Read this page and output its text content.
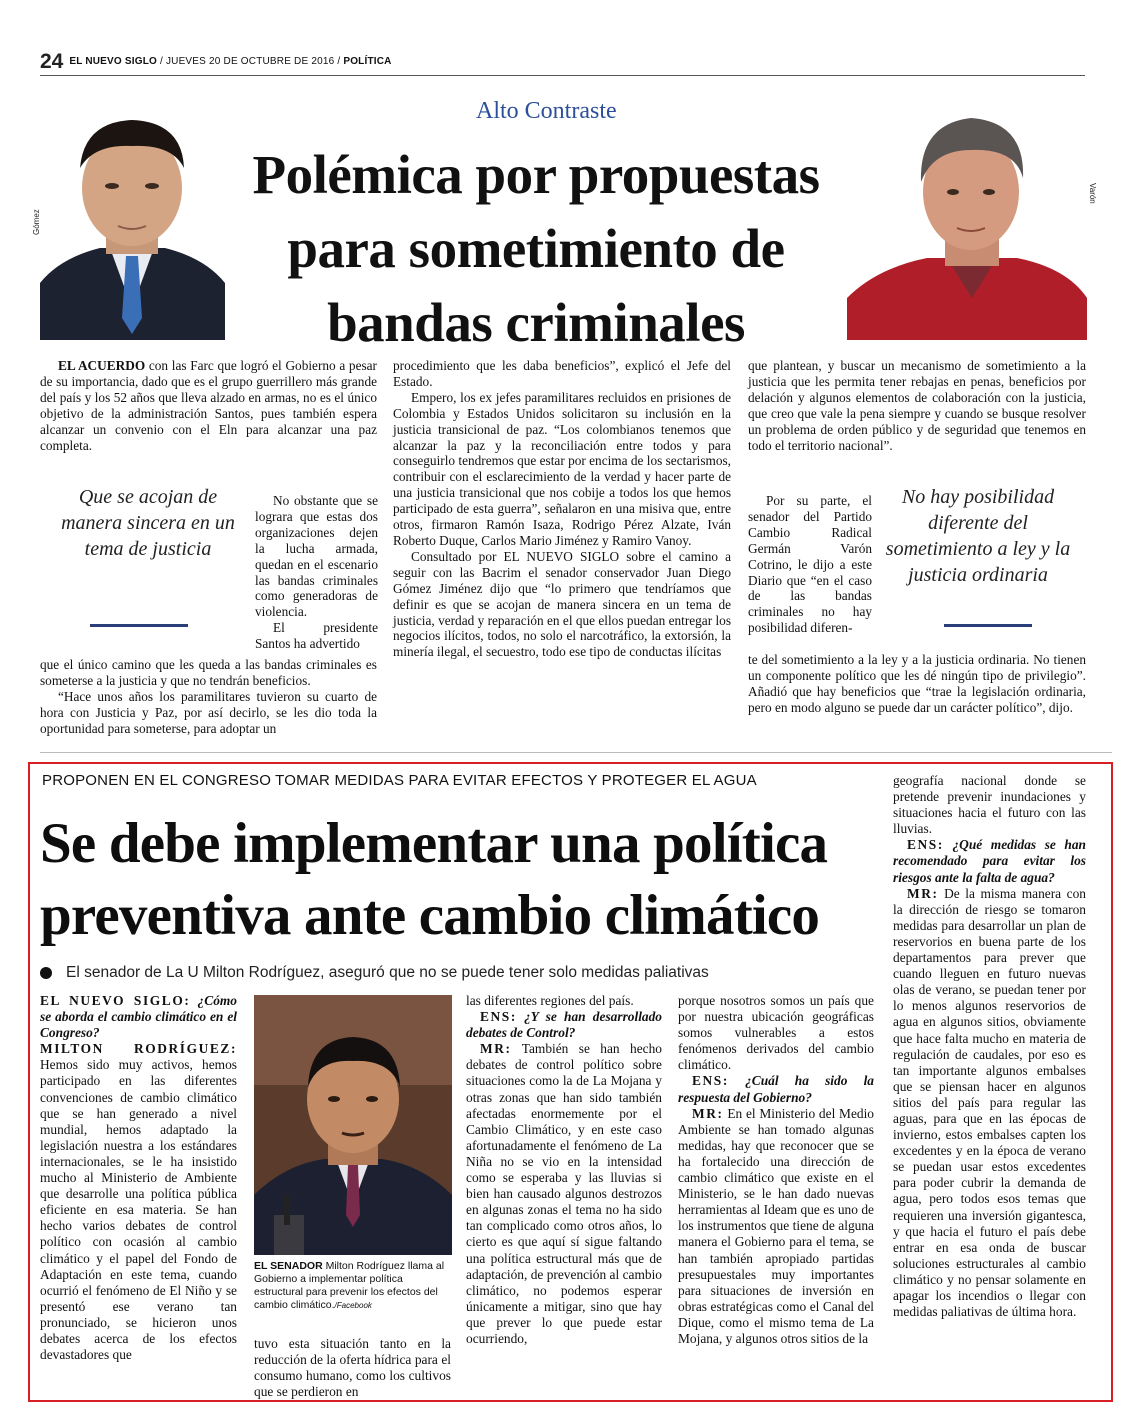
24 EL NUEVO SIGLO / JUEVES 20 DE OCTUBRE DE 2016 / POLÍTICA
Gómez
Varón
Alto Contraste
Polémica por propuestas para sometimiento de bandas criminales

EL ACUERDO con las Farc que logró el Gobierno a pesar de su importancia, dado que es el grupo guerrillero más grande del país y los 52 años que lleva alzado en armas, no es el único objetivo de la administración Santos, pues también espera alcanzar un convenio con el Eln para alcanzar una paz completa.

No obstante que se lograra que estas dos organizaciones dejen la lucha armada, quedan en el escenario las bandas criminales como generadoras de violencia.

El presidente Santos ha advertido

que el único camino que les queda a las bandas criminales es someterse a la justicia y que no tendrán beneficios.

“Hace unos años los paramilitares tuvieron su cuarto de hora con Justicia y Paz, por así decirlo, se les dio toda la oportunidad para someterse, para adoptar un

Que se acojan de manera sincera en un tema de justicia

procedimiento que les daba beneficios”, explicó el Jefe del Estado.

Empero, los ex jefes paramilitares recluidos en prisiones de Colombia y Estados Unidos solicitaron su inclusión en la justicia transicional de paz. “Los colombianos tenemos que alcanzar la paz y la reconciliación entre todos y para conseguirlo tendremos que estar por encima de los sectarismos, contribuir con el esclarecimiento de la verdad y hacer parte de una justicia transicional que nos cobije a todos los que hemos participado de esta guerra”, señalaron en una misiva que, entre otros, firmaron Ramón Isaza, Rodrigo Pérez Alzate, Iván Roberto Duque, Carlos Mario Jiménez y Ramiro Vanoy.

Consultado por EL NUEVO SIGLO sobre el camino a seguir con las Bacrim el senador conservador Juan Diego Gómez Jiménez dijo que “lo primero que tendríamos que definir es que se acojan de manera sincera en un tema de justicia, verdad y reparación en el que ellos puedan entregar los negocios ilícitos, todos, no solo el narcotráfico, la extorsión, la minería ilegal, el secuestro, todo ese tipo de conductas ilícitas

que plantean, y buscar un mecanismo de sometimiento a la justicia que les permita tener rebajas en penas, beneficios por delación y algunos elementos de colaboración con la justicia, que creo que vale la pena siempre y cuando se busque resolver un problema de orden público y de seguridad que tenemos en todo el territorio nacional”.

Por su parte, el senador del Partido Cambio Radical Germán Varón Cotrino, le dijo a este Diario que “en el caso de las bandas criminales no hay posibilidad diferen-

te del sometimiento a la ley y a la justicia ordinaria. No tienen un componente político que les dé ningún tipo de privilegio”. Añadió que hay beneficios que “trae la legislación ordinaria, pero en modo alguno se puede dar un carácter político”, dijo.

No hay posibilidad diferente del sometimiento a ley y la justicia ordinaria
PROPONEN EN EL CONGRESO TOMAR MEDIDAS PARA EVITAR EFECTOS Y PROTEGER EL AGUA
Se debe implementar una política preventiva ante cambio climático
El senador de La U Milton Rodríguez, aseguró que no se puede tener solo medidas paliativas

EL NUEVO SIGLO: ¿Cómo se aborda el cambio climático en el Congreso?

MILTON RODRÍGUEZ: Hemos sido muy activos, hemos participado en las diferentes convenciones de cambio climático que se han generado a nivel mundial, hemos adaptado la legislación nuestra a los estándares internacionales, se le ha insistido mucho al Ministerio de Ambiente que desarrolle una política pública eficiente en esa materia. Se han hecho varios debates de control político con ocasión al cambio climático y el papel del Fondo de Adaptación en este tema, cuando ocurrió el fenómeno de El Niño y se presentó ese verano tan pronunciado, se hicieron unos debates acerca de los efectos devastadores que

EL SENADOR Milton Rodríguez llama al Gobierno a implementar política estructural para prevenir los efectos del cambio climático./Facebook

tuvo esta situación tanto en la reducción de la oferta hídrica para el consumo humano, como los cultivos que se perdieron en

las diferentes regiones del país.

ENS: ¿Y se han desarrollado debates de Control?

MR: También se han hecho debates de control político sobre situaciones como la de La Mojana y otras zonas que han sido también afectadas enormemente por el Cambio Climático, y en este caso afortunadamente el fenómeno de La Niña no se vio en la intensidad como se esperaba y las lluvias si bien han causado algunos destrozos en algunas zonas el tema no ha sido tan complicado como otros años, lo cierto es que aquí sí sigue faltando una política estructural más que de adaptación, de prevención al cambio climático, no podemos esperar únicamente a mitigar, sino que hay que prever lo que puede estar ocurriendo,

porque nosotros somos un país que por nuestra ubicación geográficas somos vulnerables a estos fenómenos derivados del cambio climático.

ENS: ¿Cuál ha sido la respuesta del Gobierno?

MR: En el Ministerio del Medio Ambiente se han tomado algunas medidas, hay que reconocer que se ha fortalecido una dirección de cambio climático que existe en el Ministerio, se le han dado nuevas herramientas al Ideam que es uno de los instrumentos que tiene de alguna manera el Gobierno para el tema, se han también apropiado partidas presupuestales muy importantes para situaciones de inversión en obras estratégicas como el Canal del Dique, como el mismo tema de La Mojana, y algunos otros sitios de la

geografía nacional donde se pretende prevenir inundaciones y situaciones hacia el futuro con las lluvias.

ENS: ¿Qué medidas se han recomendado para evitar los riesgos ante la falta de agua?

MR: De la misma manera con la dirección de riesgo se tomaron medidas para desarrollar un plan de reservorios en buena parte de los departamentos para prever que cuando lleguen en futuro nuevas olas de verano, se puedan tener por lo menos algunos reservorios de agua en algunos sitios, obviamente que hace falta mucho en materia de regulación de caudales, por eso es tan importante algunos embalses que se piensan hacer en algunos sitios del país para regular las aguas, para que en las épocas de invierno, estos embalses capten los excedentes y en la época de verano se puedan usar estos excedentes para poder cubrir la demanda de agua, pero todos esos temas que requieren una inversión gigantesca, y que hacia el futuro el país debe entrar en esa onda de buscar soluciones estructurales al cambio climático y no pensar solamente en apagar los incendios o llegar con medidas paliativas de última hora.
